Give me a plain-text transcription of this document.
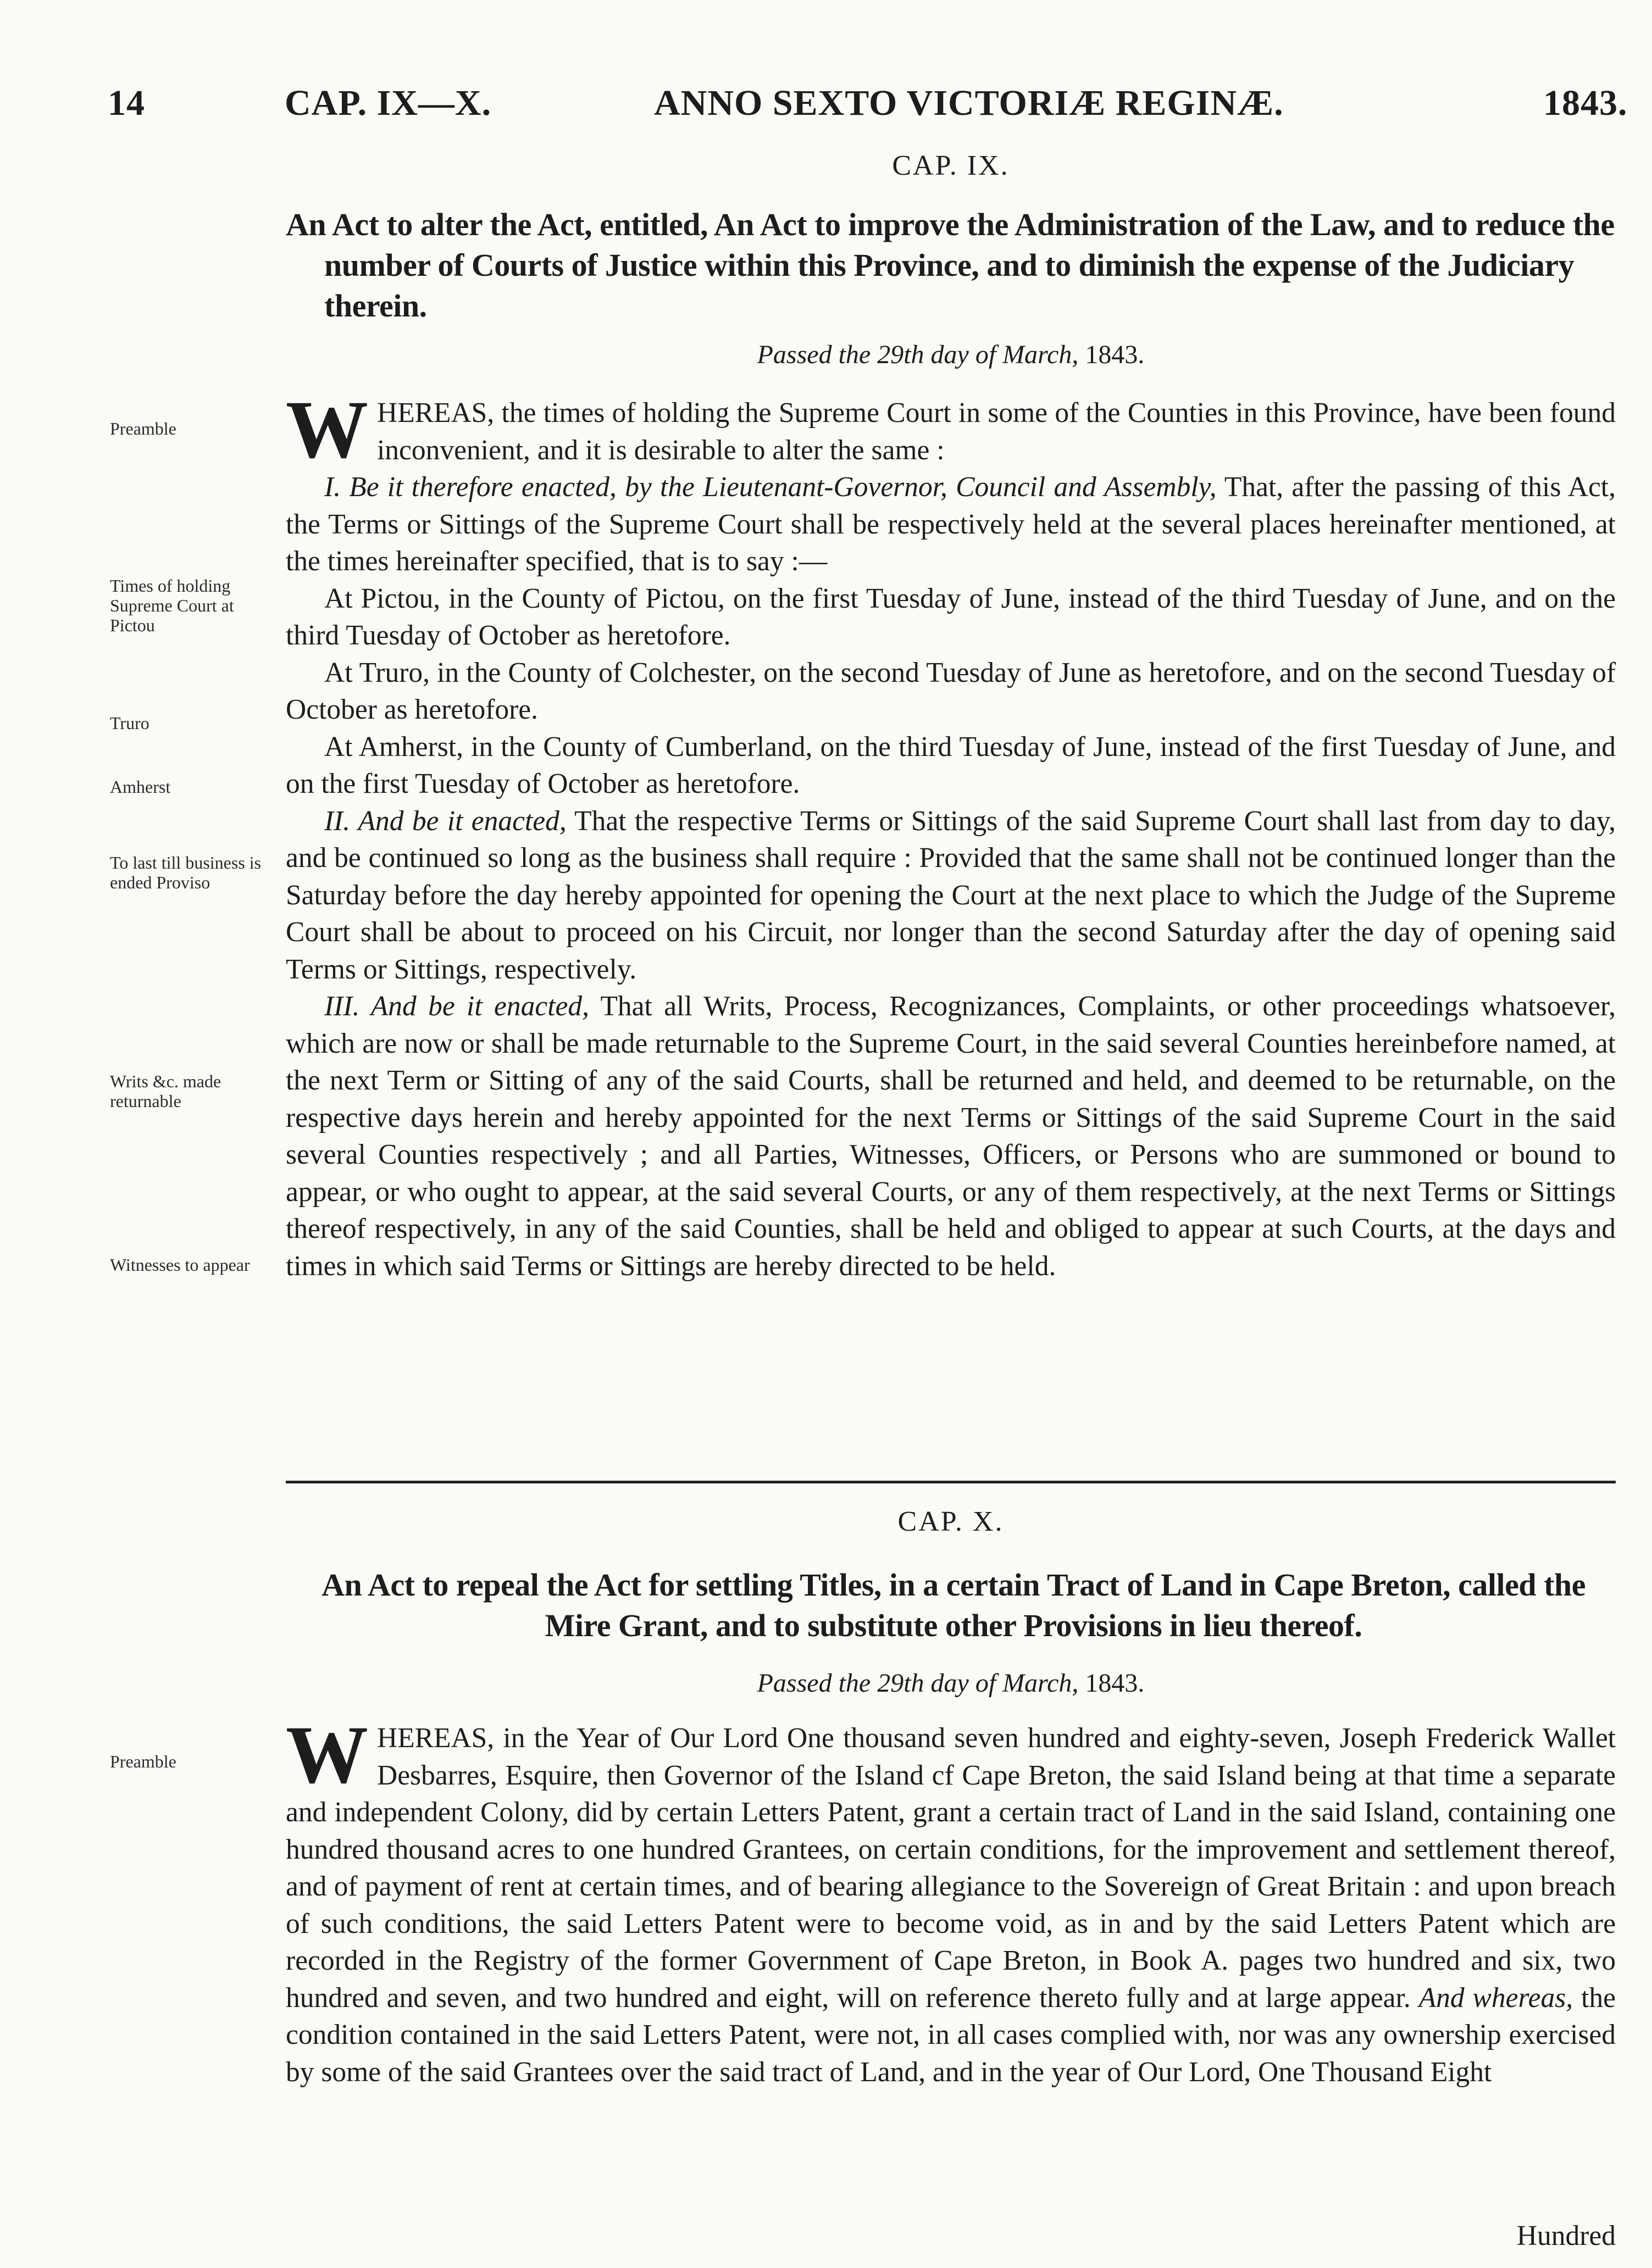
14	CAP. IX—X.	ANNO SEXTO VICTORIÆ REGINÆ.	1843.
CAP. IX.
An Act to alter the Act, entitled, An Act to improve the Administration of the Law, and to reduce the number of Courts of Justice within this Province, and to diminish the expense of the Judiciary therein.
Passed the 29th day of March, 1843.

WHEREAS, the times of holding the Supreme Court in some of the Counties in this Province, have been found inconvenient, and it is desirable to alter the same :

I. Be it therefore enacted, by the Lieutenant-Governor, Council and Assembly, That, after the passing of this Act, the Terms or Sittings of the Supreme Court shall be respectively held at the several places hereinafter mentioned, at the times hereinafter specified, that is to say :—

At Pictou, in the County of Pictou, on the first Tuesday of June, instead of the third Tuesday of June, and on the third Tuesday of October as heretofore.

At Truro, in the County of Colchester, on the second Tuesday of June as heretofore, and on the second Tuesday of October as heretofore.

At Amherst, in the County of Cumberland, on the third Tuesday of June, instead of the first Tuesday of June, and on the first Tuesday of October as heretofore.

II. And be it enacted, That the respective Terms or Sittings of the said Supreme Court shall last from day to day, and be continued so long as the business shall require : Provided that the same shall not be continued longer than the Saturday before the day hereby appointed for opening the Court at the next place to which the Judge of the Supreme Court shall be about to proceed on his Circuit, nor longer than the second Saturday after the day of opening said Terms or Sittings, respectively.

III. And be it enacted, That all Writs, Process, Recognizances, Complaints, or other proceedings whatsoever, which are now or shall be made returnable to the Supreme Court, in the said several Counties hereinbefore named, at the next Term or Sitting of any of the said Courts, shall be returned and held, and deemed to be returnable, on the respective days herein and hereby appointed for the next Terms or Sittings of the said Supreme Court in the said several Counties respectively ; and all Parties, Witnesses, Officers, or Persons who are summoned or bound to appear, or who ought to appear, at the said several Courts, or any of them respectively, at the next Terms or Sittings thereof respectively, in any of the said Counties, shall be held and obliged to appear at such Courts, at the days and times in which said Terms or Sittings are hereby directed to be held.

Preamble
Times of holding Supreme Court at Pictou
Truro
Amherst
To last till business is ended Proviso
Writs &c. made returnable
Witnesses to appear
Preamble
CAP. X.
An Act to repeal the Act for settling Titles, in a certain Tract of Land in Cape Breton, called the Mire Grant, and to substitute other Provisions in lieu thereof.
Passed the 29th day of March, 1843.

WHEREAS, in the Year of Our Lord One thousand seven hundred and eighty-seven, Joseph Frederick Wallet Desbarres, Esquire, then Governor of the Island cf Cape Breton, the said Island being at that time a separate and independent Colony, did by certain Letters Patent, grant a certain tract of Land in the said Island, containing one hundred thousand acres to one hundred Grantees, on certain conditions, for the improvement and settlement thereof, and of payment of rent at certain times, and of bearing allegiance to the Sovereign of Great Britain : and upon breach of such conditions, the said Letters Patent were to become void, as in and by the said Letters Patent which are recorded in the Registry of the former Government of Cape Breton, in Book A. pages two hundred and six, two hundred and seven, and two hundred and eight, will on reference thereto fully and at large appear. And whereas, the condition contained in the said Letters Patent, were not, in all cases complied with, nor was any ownership exercised by some of the said Grantees over the said tract of Land, and in the year of Our Lord, One Thousand Eight

Hundred
